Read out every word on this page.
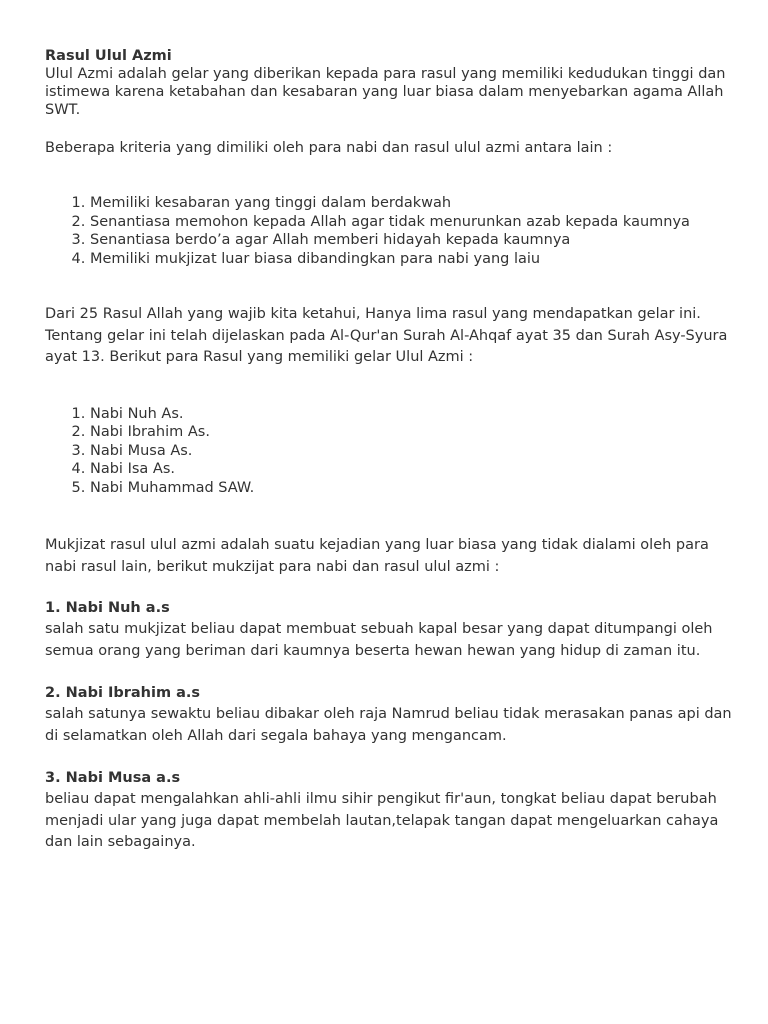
Rasul Ulul Azmi
Ulul Azmi adalah gelar yang diberikan kepada para rasul yang memiliki kedudukan tinggi dan istimewa karena ketabahan dan kesabaran yang luar biasa dalam menyebarkan agama Allah SWT.
Beberapa kriteria yang dimiliki oleh para nabi dan rasul ulul azmi antara lain :
1. Memiliki kesabaran yang tinggi dalam berdakwah
2. Senantiasa memohon kepada Allah agar tidak menurunkan azab kepada kaumnya
3. Senantiasa berdo’a agar Allah memberi hidayah kepada kaumnya
4. Memiliki mukjizat luar biasa dibandingkan para nabi yang laiu
Dari 25 Rasul Allah yang wajib kita ketahui, Hanya lima rasul yang mendapatkan gelar ini. Tentang gelar ini telah dijelaskan pada Al-Qur'an Surah Al-Ahqaf ayat 35 dan Surah Asy-Syura ayat 13. Berikut para Rasul yang memiliki gelar Ulul Azmi :
1. Nabi Nuh As.
2. Nabi Ibrahim As.
3. Nabi Musa As.
4. Nabi Isa As.
5. Nabi Muhammad SAW.
Mukjizat rasul ulul azmi adalah suatu kejadian yang luar biasa yang tidak dialami oleh para nabi rasul lain, berikut mukzijat para nabi dan rasul ulul azmi :
1. Nabi Nuh a.s
salah satu mukjizat beliau dapat membuat sebuah kapal besar yang dapat ditumpangi oleh semua orang yang beriman dari kaumnya beserta hewan hewan yang hidup di zaman itu.
2. Nabi Ibrahim a.s
salah satunya sewaktu beliau dibakar oleh raja Namrud beliau tidak merasakan panas api dan di selamatkan oleh Allah dari segala bahaya yang mengancam.
3. Nabi Musa a.s
beliau dapat mengalahkan ahli-ahli ilmu sihir pengikut fir'aun, tongkat beliau dapat berubah menjadi ular yang juga dapat membelah lautan,telapak tangan dapat mengeluarkan cahaya dan lain sebagainya.
